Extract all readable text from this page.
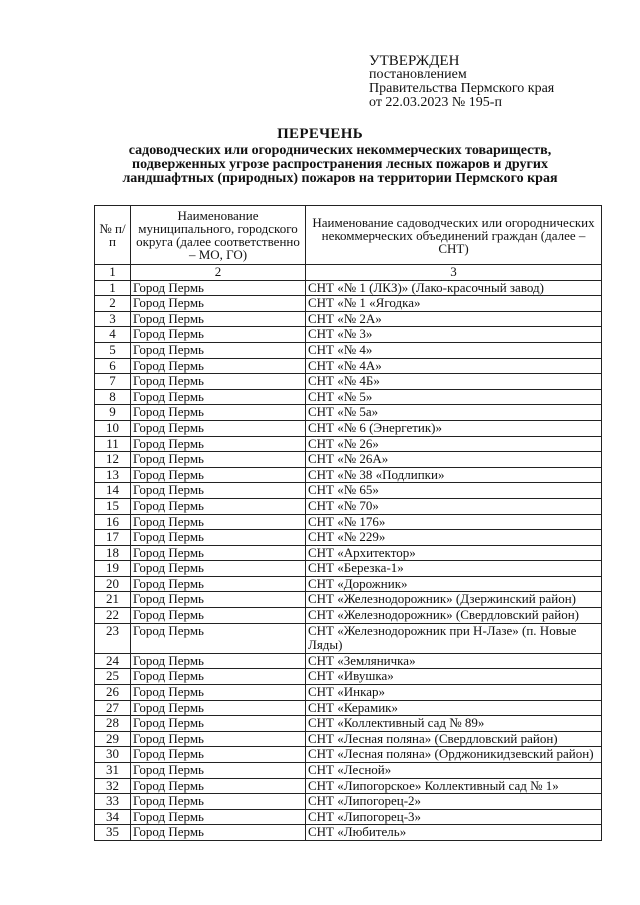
УТВЕРЖДЕН
постановлением
Правительства Пермского края
от 22.03.2023 № 195-п
ПЕРЕЧЕНЬ
садоводческих или огороднических некоммерческих товариществ, подверженных угрозе распространения лесных пожаров и других ландшафтных (природных) пожаров на территории Пермского края
№ п/п	Наименование муниципального, городского округа (далее соответственно – МО, ГО)	Наименование садоводческих или огороднических некоммерческих объединений граждан (далее – СНТ)
1	2	3
1	Город Пермь	СНТ «№ 1 (ЛКЗ)» (Лако-красочный завод)
2	Город Пермь	СНТ «№ 1 «Ягодка»
3	Город Пермь	СНТ «№ 2А»
4	Город Пермь	СНТ «№ 3»
5	Город Пермь	СНТ «№ 4»
6	Город Пермь	СНТ «№ 4А»
7	Город Пермь	СНТ «№ 4Б»
8	Город Пермь	СНТ «№ 5»
9	Город Пермь	СНТ «№ 5а»
10	Город Пермь	СНТ «№ 6 (Энергетик)»
11	Город Пермь	СНТ «№ 26»
12	Город Пермь	СНТ «№ 26А»
13	Город Пермь	СНТ «№ 38 «Подлипки»
14	Город Пермь	СНТ «№ 65»
15	Город Пермь	СНТ «№ 70»
16	Город Пермь	СНТ «№ 176»
17	Город Пермь	СНТ «№ 229»
18	Город Пермь	СНТ «Архитектор»
19	Город Пермь	СНТ «Березка-1»
20	Город Пермь	СНТ «Дорожник»
21	Город Пермь	СНТ «Железнодорожник» (Дзержинский район)
22	Город Пермь	СНТ «Железнодорожник» (Свердловский район)
23	Город Пермь	СНТ «Железнодорожник при Н-Лазе» (п. Новые Ляды)
24	Город Пермь	СНТ «Земляничка»
25	Город Пермь	СНТ «Ивушка»
26	Город Пермь	СНТ «Инкар»
27	Город Пермь	СНТ «Керамик»
28	Город Пермь	СНТ «Коллективный сад № 89»
29	Город Пермь	СНТ «Лесная поляна» (Свердловский район)
30	Город Пермь	СНТ «Лесная поляна» (Орджоникидзевский район)
31	Город Пермь	СНТ «Лесной»
32	Город Пермь	СНТ «Липогорское» Коллективный сад № 1»
33	Город Пермь	СНТ «Липогорец-2»
34	Город Пермь	СНТ «Липогорец-3»
35	Город Пермь	СНТ «Любитель»
